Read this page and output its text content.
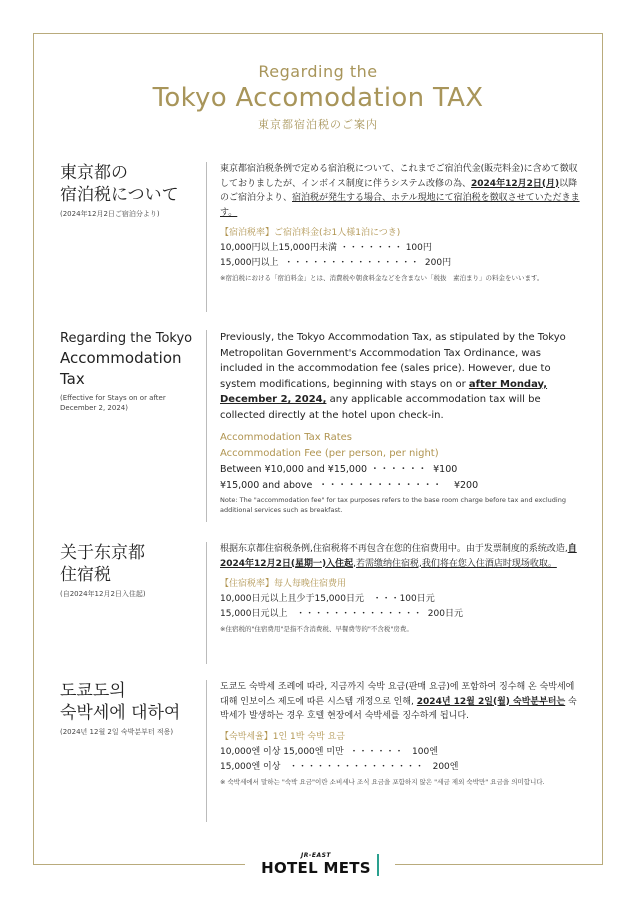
Regarding the
Tokyo Accomodation TAX
東京都宿泊税のご案内
東京都の
宿泊税について
(2024年12月2日ご宿泊分より)
東京都宿泊税条例で定める宿泊税について、これまでご宿泊代金(販売料金)に含めて徴収しておりましたが、インボイス制度に伴うシステム改修の為、2024年12月2日(月)以降のご宿泊分より、宿泊税が発生する場合、ホテル現地にて宿泊税を徴収させていただきます。
【宿泊税率】ご宿泊料金(お1人様1泊につき)
10,000円以上15,000円未満 ・・・・・・・ 100円
15,000円以上  ・・・・・・・・・・・・・・・  200円
※宿泊税における「宿泊料金」とは、消費税や朝食料金などを含まない「税抜　素泊まり」の料金をいいます。
Regarding the Tokyo
Accommodation
Tax
(Effective for Stays on or after December 2, 2024)
Previously, the Tokyo Accommodation Tax, as stipulated by the Tokyo Metropolitan Government's Accommodation Tax Ordinance, was included in the accommodation fee (sales price). However, due to system modifications, beginning with stays on or after Monday, December 2, 2024, any applicable accommodation tax will be collected directly at the hotel upon check-in.
Accommodation Tax Rates
Accommodation Fee (per person, per night)
Between ¥10,000 and ¥15,000 ・・・・・・  ¥100
¥15,000 and above  ・・・・・・・・・・・・・    ¥200
Note: The "accommodation fee" for tax purposes refers to the base room charge before tax and excluding additional services such as breakfast.
关于东京都
住宿税
(自2024年12月2日入住起)
根据东京都住宿税条例,住宿税将不再包含在您的住宿费用中。由于发票制度的系统改造,自2024年12月2日(星期一)入住起,若需缴纳住宿税,我们将在您入住酒店时现场收取。
【住宿税率】每人每晚住宿费用
10,000日元以上且少于15,000日元   ・・・100日元
15,000日元以上   ・・・・・・・・・・・・・・  200日元
※住宿税的"住宿费用"是指不含消费税、早餐费等的"不含税"房费。
도쿄도의
숙박세에 대하여
(2024년 12월 2일 숙박분부터 적용)
도쿄도 숙박세 조례에 따라, 지금까지 숙박 요금(판매 요금)에 포함하여 징수해 온 숙박세에 대해 인보이스 제도에 따른 시스템 개정으로 인해, 2024년 12월 2일(월) 숙박분부터는 숙박세가 발생하는 경우 호텔 현장에서 숙박세를 징수하게 됩니다.
【숙박세율】1인 1박 숙박 요금
10,000엔 이상 15,000엔 미만  ・・・・・・   100엔
15,000엔 이상   ・・・・・・・・・・・・・・・   200엔
※ 숙박세에서 말하는 "숙박 요금"이란 소비세나 조식 요금을 포함하지 않은 "세금 제외 숙박만" 요금을 의미합니다.
JR-EAST
HOTEL METS
